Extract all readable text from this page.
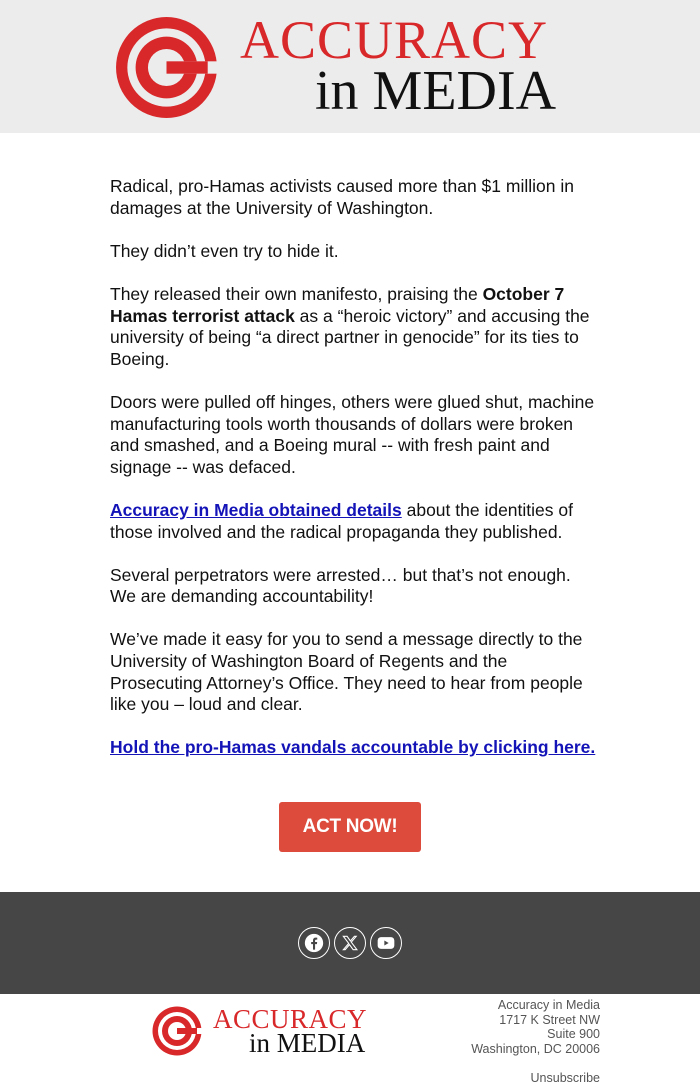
ACCURACY
in MEDIA

Radical, pro-Hamas activists caused more than $1 million in damages at the University of Washington.

They didn’t even try to hide it.

They released their own manifesto, praising the October 7 Hamas terrorist attack as a “heroic victory” and accusing the university of being “a direct partner in genocide” for its ties to Boeing.

Doors were pulled off hinges, others were glued shut, machine manufacturing tools worth thousands of dollars were broken and smashed, and a Boeing mural -- with fresh paint and signage -- was defaced.

Accuracy in Media obtained details about the identities of those involved and the radical propaganda they published.

Several perpetrators were arrested… but that’s not enough. We are demanding accountability!

We’ve made it easy for you to send a message directly to the University of Washington Board of Regents and the Prosecuting Attorney’s Office. They need to hear from people like you – loud and clear.

Hold the pro-Hamas vandals accountable by clicking here.

ACT NOW!
ACCURACY
in MEDIA
Accuracy in Media
1717 K Street NW
Suite 900
Washington, DC 20006
Unsubscribe
